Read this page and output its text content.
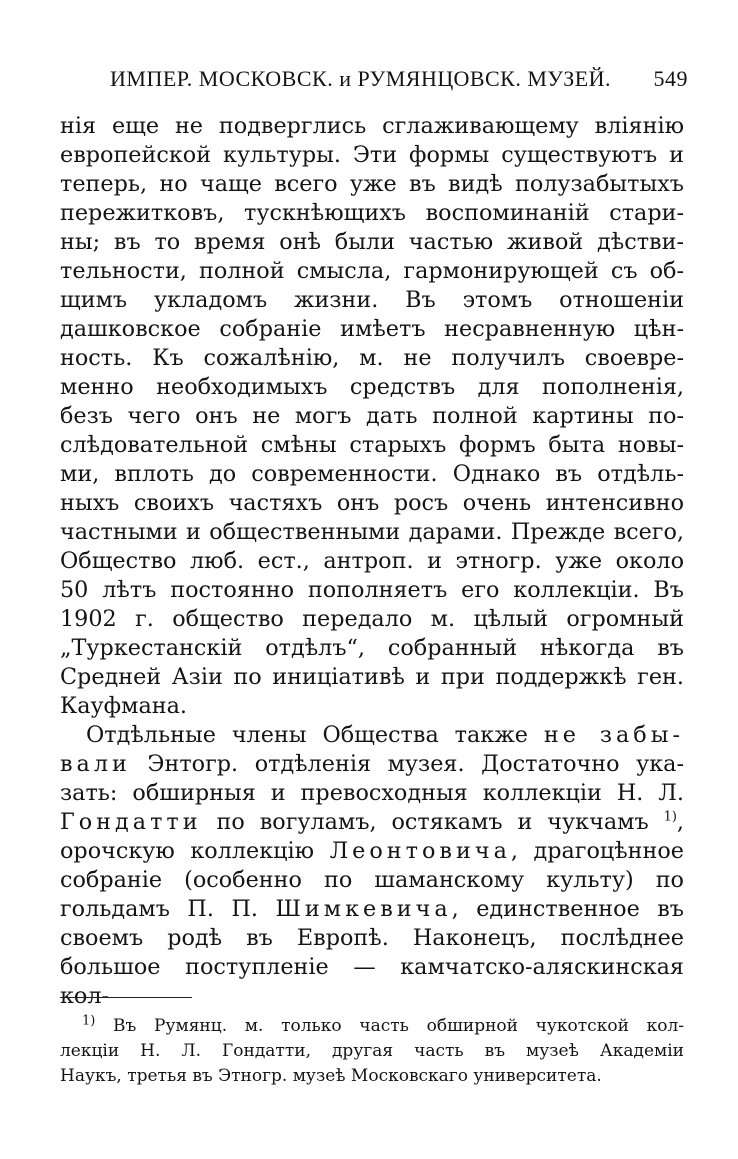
ИМПЕР. МОСКОВСК. и РУМЯНЦОВСК. МУЗЕЙ. 549

нія еще не подверглись сглаживающему вліянію

европейской культуры. Эти формы существуютъ и

теперь, но чаще всего уже въ видѣ полузабытыхъ

пережитковъ, тускнѣющихъ воспоминаній стари-

ны; въ то время онѣ были частью живой дѣстви-

тельности, полной смысла, гармонирующей съ об-

щимъ укладомъ жизни. Въ этомъ отношеніи

дашковское собраніе имѣетъ несравненную цѣн-

ность. Къ сожалѣнію, м. не получилъ своевре-

менно необходимыхъ средствъ для пополненія,

безъ чего онъ не могъ дать полной картины по-

слѣдовательной смѣны старыхъ формъ быта новы-

ми, вплоть до современности. Однако въ отдѣль-

ныхъ своихъ частяхъ онъ росъ очень интенсивно

частными и общественными дарами. Прежде всего,

Общество люб. ест., антроп. и этногр. уже около

50 лѣтъ постоянно пополняетъ его коллекціи. Въ

1902 г. общество передало м. цѣлый огромный

„Туркестанскій отдѣлъ“, собранный нѣкогда въ

Средней Азіи по иниціативѣ и при поддержкѣ ген.

Кауфмана.

Отдѣльные члены Общества также не забы-

вали Энтогр. отдѣленія музея. Достаточно ука-

зать: обширныя и превосходныя коллекціи Н. Л.

Гондатти по вогуламъ, остякамъ и чукчамъ $^{1)}$,

орочскую коллекцію Леонтовича, драгоцѣнное

собраніе (особенно по шаманскому культу) по

гольдамъ П. П. Шимкевича, единственное въ

своемъ родѣ въ Европѣ. Наконецъ, послѣднее

большое поступленіе — камчатско-аляскинская кол-

$^{1)}$ Въ Румянц. м. только часть обширной чукотской кол-

лекціи Н. Л. Гондатти, другая часть въ музеѣ Академіи

Наукъ, третья въ Этногр. музеѣ Московскаго университета.
